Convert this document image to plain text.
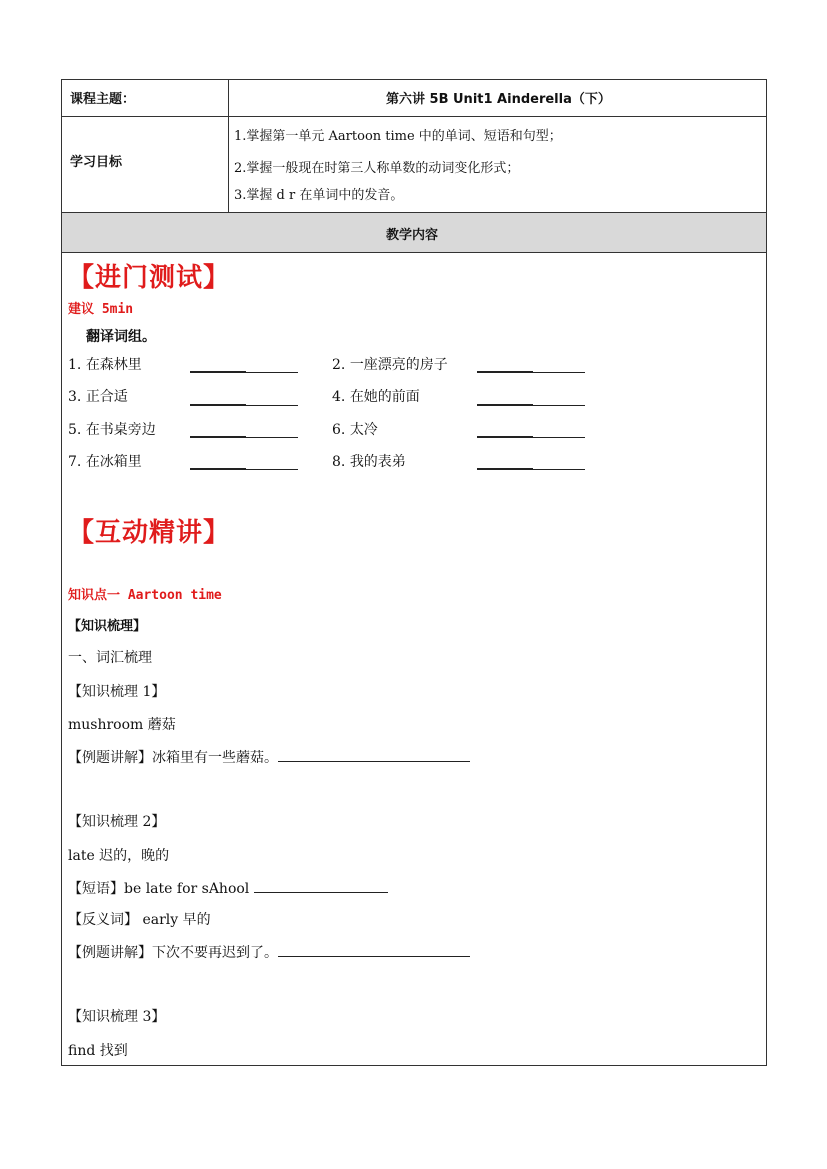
课程主题：	第六讲 5B Unit1 Ainderella（下）
学习目标
1.掌握第一单元 Aartoon time 中的单词、短语和句型；
2.掌握一般现在时第三人称单数的动词变化形式；
3.掌握 d r 在单词中的发音。
教学内容
【进门测试】
建议 5min
翻译词组。
1. 在森林里	2. 一座漂亮的房子
3. 正合适	4. 在她的前面
5. 在书桌旁边	6. 太冷
7. 在冰箱里	8. 我的表弟
【互动精讲】
知识点一 Aartoon time
【知识梳理】
一、词汇梳理
【知识梳理 1】
mushroom 蘑菇
【例题讲解】冰箱里有一些蘑菇。
【知识梳理 2】
late 迟的，晚的
【短语】be late for sAhool
【反义词】 early 早的
【例题讲解】下次不要再迟到了。
【知识梳理 3】
find 找到
